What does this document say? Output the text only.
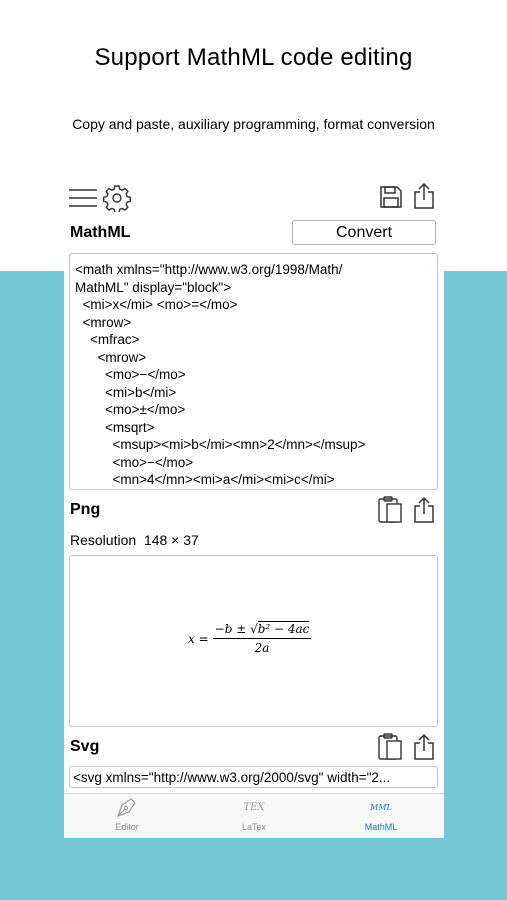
Support MathML code editing
Copy and paste, auxiliary programming, format conversion
MathML	Convert
<math xmlns="http://www.w3.org/1998/Math/
MathML" display="block">
<mi>x</mi> <mo>=</mo>
<mrow>
<mfrac>
<mrow>
<mo>−</mo>
<mi>b</mi>
<mo>±</mo>
<msqrt>
<msup><mi>b</mi><mn>2</mn></msup>
<mo>−</mo>
<mn>4</mn><mi>a</mi><mi>c</mi>
Png
Resolution 148 × 37
$x = \frac{\text{−b ± √b² − 4ac}}{2a}$
Svg
<svg xmlns="http://www.w3.org/2000/svg" width="2...
Editor
TEX
LaTex
MML
MathML
